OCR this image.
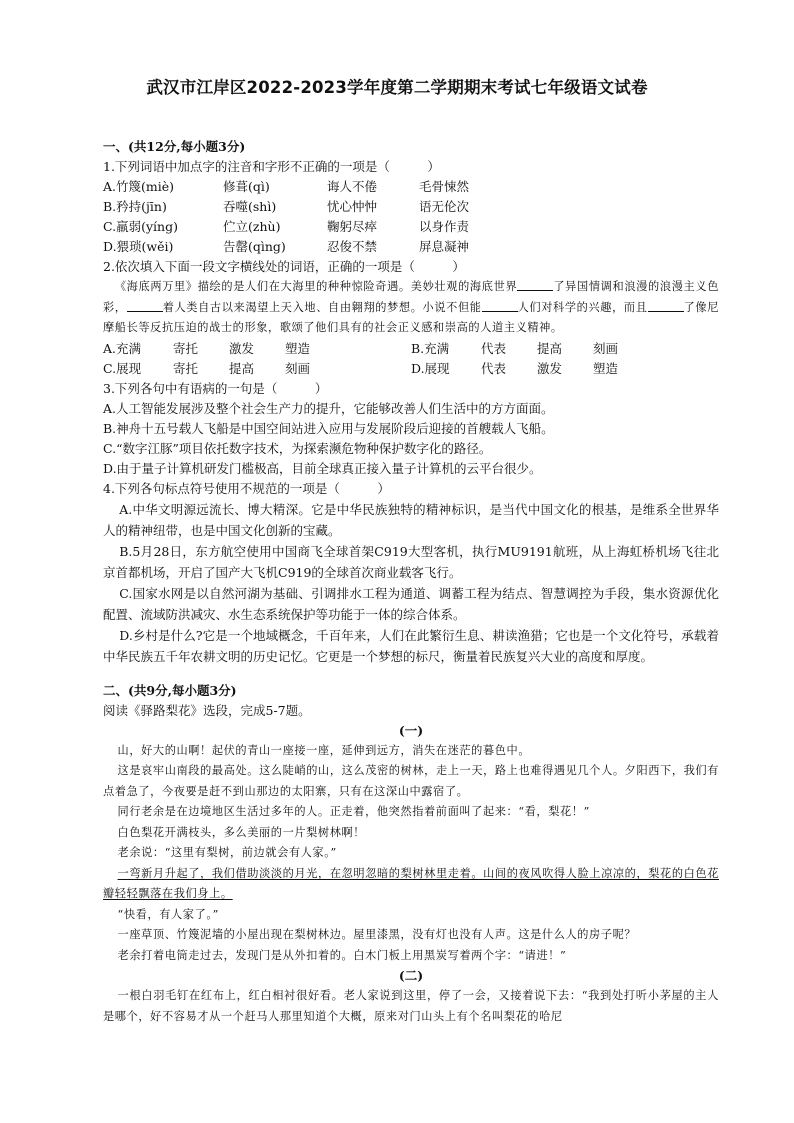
武汉市江岸区2022-2023学年度第二学期期末考试七年级语文试卷
一、(共12分,每小题3分)
1.下列词语中加点字的注音和字形不正确的一项是（　　　）
A.竹篾(miè)	修葺(qì)	诲人不倦	毛骨悚然
B.矜持(jīn)	吞噬(shì)	忧心忡忡	语无伦次
C.羸弱(yíng)	伫立(zhù)	鞠躬尽瘁	以身作责
D.猥琐(wěi)	告罄(qìng)	忍俊不禁	屏息凝神
2.依次填入下面一段文字横线处的词语，正确的一项是（　　　）

 《海底两万里》描绘的是人们在大海里的种种惊险奇遇。美妙壮观的海底世界	了异国情调和浪漫的浪漫主义色彩，	着人类自古以来渴望上天入地、自由翱翔的梦想。小说不但能	人们对科学的兴趣，而且	了像尼摩船长等反抗压迫的战士的形象，歌颂了他们具有的社会正义感和崇高的人道主义精神。

A.充满	寄托	激发	塑造	B.充满	代表	提高	刻画
C.展现	寄托	提高	刻画	D.展现	代表	激发	塑造
3.下列各句中有语病的一句是（　　　）
A.人工智能发展涉及整个社会生产力的提升，它能够改善人们生活中的方方面面。
B.神舟十五号载人飞船是中国空间站进入应用与发展阶段后迎接的首艘载人飞船。
C.“数字江豚”项目依托数字技术，为探索濒危物种保护数字化的路径。
D.由于量子计算机研发门槛极高，目前全球真正接入量子计算机的云平台很少。
4.下列各句标点符号使用不规范的一项是（　　　）

A.中华文明源远流长、博大精深。它是中华民族独特的精神标识，是当代中国文化的根基，是维系全世界华人的精神纽带，也是中国文化创新的宝藏。

B.5月28日，东方航空使用中国商飞全球首架C919大型客机，执行MU9191航班，从上海虹桥机场飞往北京首都机场，开启了国产大飞机C919的全球首次商业载客飞行。

C.国家水网是以自然河湖为基础、引调排水工程为通道、调蓄工程为结点、智慧调控为手段，集水资源优化配置、流域防洪减灾、水生态系统保护等功能于一体的综合体系。

D.乡村是什么?它是一个地域概念，千百年来，人们在此繁衍生息、耕读渔猎；它也是一个文化符号，承载着中华民族五千年农耕文明的历史记忆。它更是一个梦想的标尺，衡量着民族复兴大业的高度和厚度。

二、(共9分,每小题3分)
阅读《驿路梨花》选段，完成5-7题。
(一)

山，好大的山啊！起伏的青山一座接一座，延伸到远方，消失在迷茫的暮色中。

这是哀牢山南段的最高处。这么陡峭的山，这么茂密的树林，走上一天，路上也难得遇见几个人。夕阳西下，我们有点着急了，今夜要是赶不到山那边的太阳寨，只有在这深山中露宿了。

同行老余是在边境地区生活过多年的人。正走着，他突然指着前面叫了起来：“看，梨花！”

白色梨花开满枝头，多么美丽的一片梨树林啊！

老余说：“这里有梨树，前边就会有人家。”

一弯新月升起了，我们借助淡淡的月光，在忽明忽暗的梨树林里走着。山间的夜风吹得人脸上凉凉的，梨花的白色花瓣轻轻飘落在我们身上。

“快看，有人家了。”

一座草顶、竹篾泥墙的小屋出现在梨树林边。屋里漆黑，没有灯也没有人声。这是什么人的房子呢？

老余打着电筒走过去，发现门是从外扣着的。白木门板上用黑炭写着两个字：“请进！”

(二)

一根白羽毛钉在红布上，红白相衬很好看。老人家说到这里，停了一会，又接着说下去：“我到处打听小茅屋的主人是哪个，好不容易才从一个赶马人那里知道个大概，原来对门山头上有个名叫梨花的哈尼
